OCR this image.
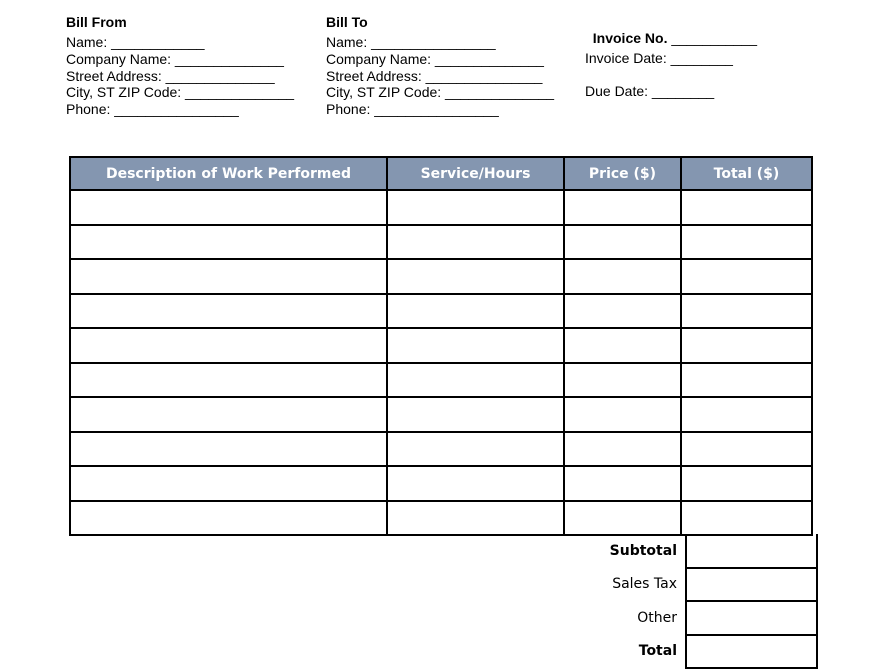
Bill From
Name: ____________
Company Name: ______________
Street Address: ______________
City, ST ZIP Code: ______________
Phone: ________________
Bill To
Name: ________________
Company Name: ______________
Street Address: _______________
City, ST ZIP Code: ______________
Phone: ________________

Invoice No. ___________

Invoice Date: ________
Due Date: ________
Description of Work Performed	Service/Hours	Price ($)	Total ($)

Subtotal	
Sales Tax	
Other	
Total	
